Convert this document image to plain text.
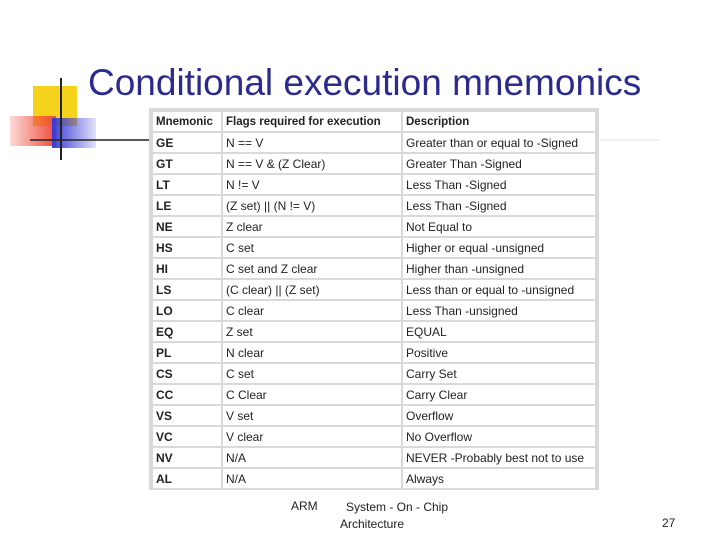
Conditional execution mnemonics
Mnemonic	Flags required for execution	Description
GE	N == V	Greater than or equal to -Signed
GT	N == V & (Z Clear)	Greater Than -Signed
LT	N != V	Less Than -Signed
LE	(Z set) || (N != V)	Less Than -Signed
NE	Z clear	Not Equal to
HS	C set	Higher or equal -unsigned
HI	C set and Z clear	Higher than -unsigned
LS	(C clear) || (Z set)	Less than or equal to -unsigned
LO	C clear	Less Than -unsigned
EQ	Z set	EQUAL
PL	N clear	Positive
CS	C set	Carry Set
CC	C Clear	Carry Clear
VS	V set	Overflow
VC	V clear	No Overflow
NV	N/A	NEVER -Probably best not to use
AL	N/A	Always
ARM	System - On - Chip
Architecture	27
